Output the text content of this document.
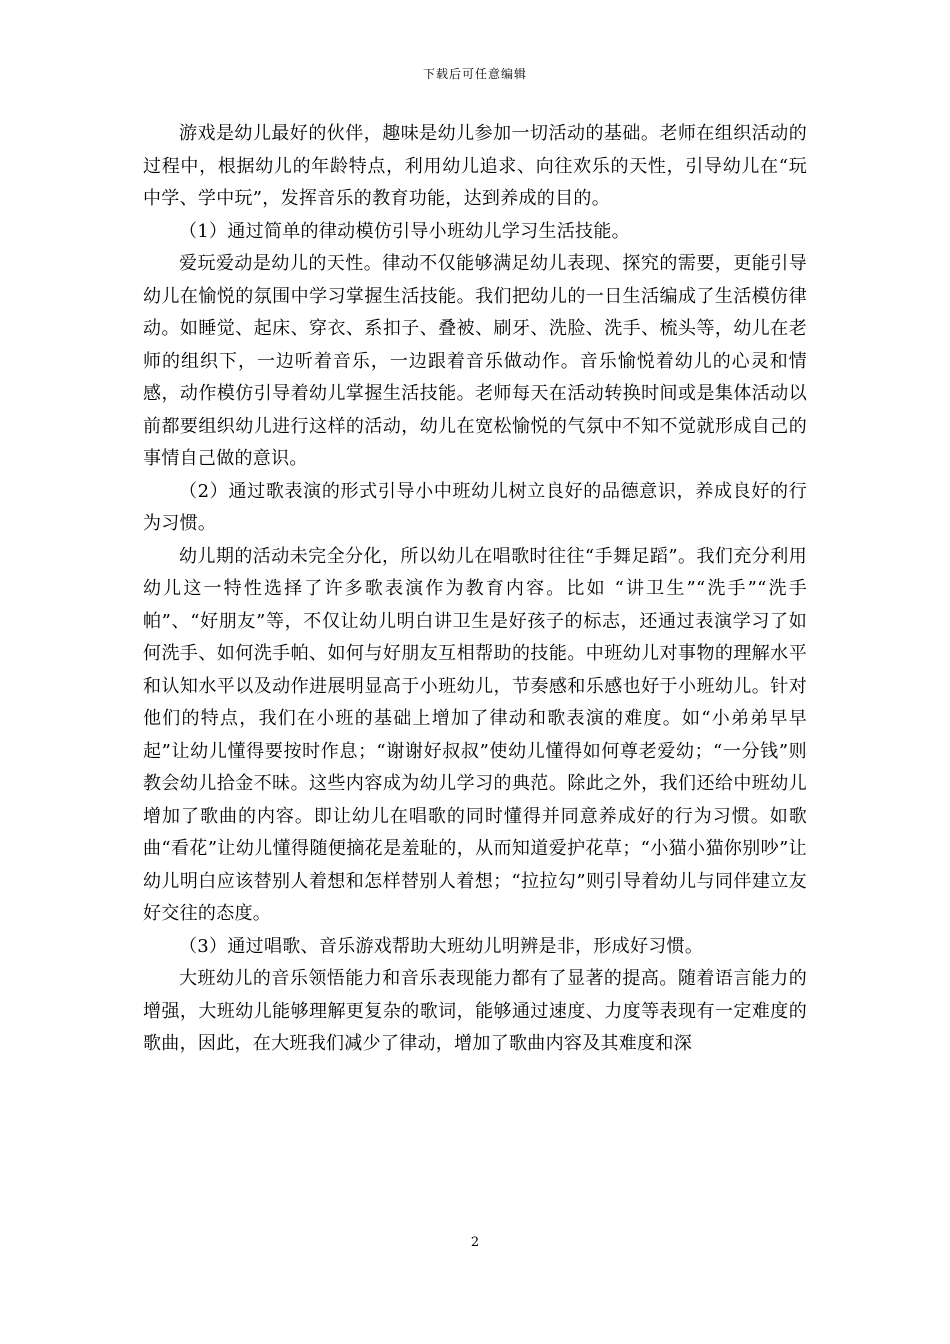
下载后可任意编辑

游戏是幼儿最好的伙伴，趣味是幼儿参加一切活动的基础。老师在组织活动的过程中，根据幼儿的年龄特点，利用幼儿追求、向往欢乐的天性，引导幼儿在“玩中学、学中玩”，发挥音乐的教育功能，达到养成的目的。

（1）通过简单的律动模仿引导小班幼儿学习生活技能。

爱玩爱动是幼儿的天性。律动不仅能够满足幼儿表现、探究的需要，更能引导幼儿在愉悦的氛围中学习掌握生活技能。我们把幼儿的一日生活编成了生活模仿律动。如睡觉、起床、穿衣、系扣子、叠被、刷牙、洗脸、洗手、梳头等，幼儿在老师的组织下，一边听着音乐，一边跟着音乐做动作。音乐愉悦着幼儿的心灵和情感，动作模仿引导着幼儿掌握生活技能。老师每天在活动转换时间或是集体活动以前都要组织幼儿进行这样的活动，幼儿在宽松愉悦的气氛中不知不觉就形成自己的事情自己做的意识。

（2）通过歌表演的形式引导小中班幼儿树立良好的品德意识，养成良好的行为习惯。

幼儿期的活动未完全分化，所以幼儿在唱歌时往往“手舞足蹈”。我们充分利用幼儿这一特性选择了许多歌表演作为教育内容。比如 “讲卫生”“洗手”“洗手帕”、“好朋友”等，不仅让幼儿明白讲卫生是好孩子的标志，还通过表演学习了如何洗手、如何洗手帕、如何与好朋友互相帮助的技能。中班幼儿对事物的理解水平和认知水平以及动作进展明显高于小班幼儿，节奏感和乐感也好于小班幼儿。针对他们的特点，我们在小班的基础上增加了律动和歌表演的难度。如“小弟弟早早起”让幼儿懂得要按时作息；“谢谢好叔叔”使幼儿懂得如何尊老爱幼；“一分钱”则教会幼儿拾金不昧。这些内容成为幼儿学习的典范。除此之外，我们还给中班幼儿增加了歌曲的内容。即让幼儿在唱歌的同时懂得并同意养成好的行为习惯。如歌曲“看花”让幼儿懂得随便摘花是羞耻的，从而知道爱护花草；“小猫小猫你别吵”让幼儿明白应该替别人着想和怎样替别人着想；“拉拉勾”则引导着幼儿与同伴建立友好交往的态度。

（3）通过唱歌、音乐游戏帮助大班幼儿明辨是非，形成好习惯。

大班幼儿的音乐领悟能力和音乐表现能力都有了显著的提高。随着语言能力的增强，大班幼儿能够理解更复杂的歌词，能够通过速度、力度等表现有一定难度的歌曲，因此，在大班我们减少了律动，增加了歌曲内容及其难度和深

2
